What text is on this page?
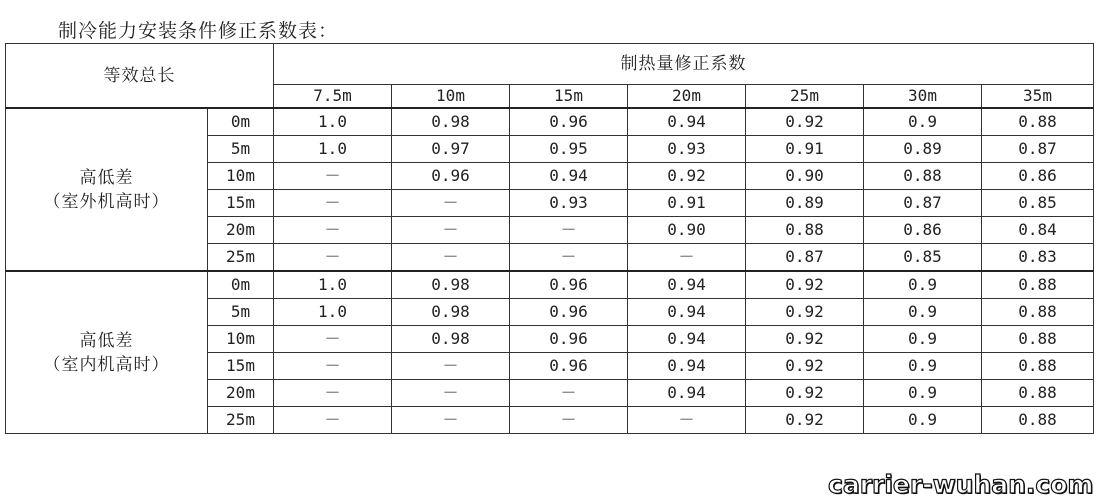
制冷能力安装条件修正系数表：
等效总长		制热量修正系数						
		7.5m	10m	15m	20m	25m	30m	35m

高低差
（室外机高时）	0m	1.0	0.98	0.96	0.94	0.92	0.9	0.88
	5m	1.0	0.97	0.95	0.93	0.91	0.89	0.87
	10m	－	0.96	0.94	0.92	0.90	0.88	0.86
	15m	－	－	0.93	0.91	0.89	0.87	0.85
	20m	－	－	－	0.90	0.88	0.86	0.84
	25m	－	－	－	－	0.87	0.85	0.83

高低差
（室内机高时）	0m	1.0	0.98	0.96	0.94	0.92	0.9	0.88
	5m	1.0	0.98	0.96	0.94	0.92	0.9	0.88
	10m	－	0.98	0.96	0.94	0.92	0.9	0.88
	15m	－	－	0.96	0.94	0.92	0.9	0.88
	20m	－	－	－	0.94	0.92	0.9	0.88
	25m	－	－	－	－	0.92	0.9	0.88
carrier-wuhan.com
